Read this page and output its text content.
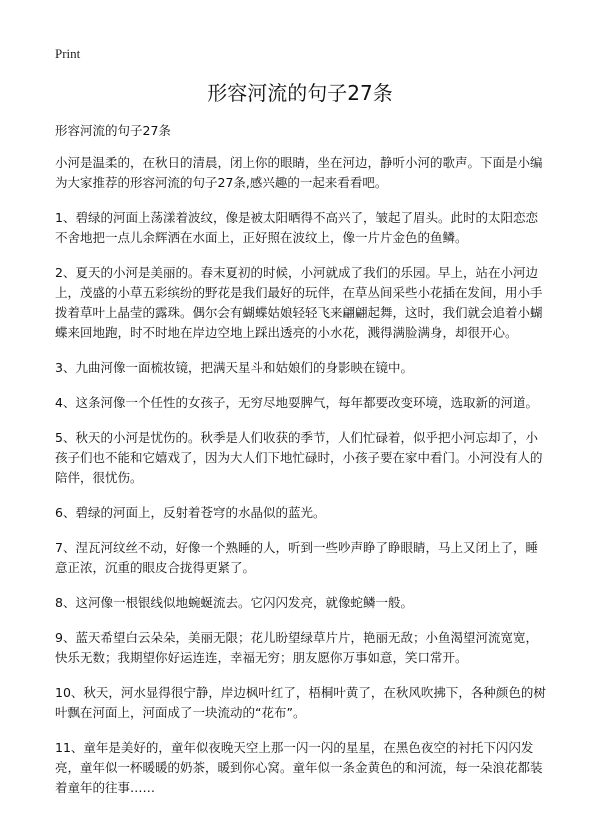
Print
形容河流的句子27条

形容河流的句子27条

小河是温柔的，在秋日的清晨，闭上你的眼睛，坐在河边，静听小河的歌声。下面是小编为大家推荐的形容河流的句子27条,感兴趣的一起来看看吧。

1、碧绿的河面上荡漾着波纹，像是被太阳晒得不高兴了，皱起了眉头。此时的太阳恋恋不舍地把一点儿余辉洒在水面上，正好照在波纹上，像一片片金色的鱼鳞。

2、夏天的小河是美丽的。春末夏初的时候，小河就成了我们的乐园。早上，站在小河边上，茂盛的小草五彩缤纷的野花是我们最好的玩伴，在草丛间采些小花插在发间，用小手拨着草叶上晶莹的露珠。偶尔会有蝴蝶姑娘轻轻飞来翩翩起舞，这时，我们就会追着小蝴蝶来回地跑，时不时地在岸边空地上踩出透亮的小水花，溅得满脸满身，却很开心。

3、九曲河像一面梳妆镜，把满天星斗和姑娘们的身影映在镜中。

4、这条河像一个任性的女孩子，无穷尽地耍脾气，每年都要改变环境，选取新的河道。

5、秋天的小河是忧伤的。秋季是人们收获的季节，人们忙碌着，似乎把小河忘却了，小孩子们也不能和它嬉戏了，因为大人们下地忙碌时，小孩子要在家中看门。小河没有人的陪伴，很忧伤。

6、碧绿的河面上，反射着苍穹的水晶似的蓝光。

7、涅瓦河纹丝不动，好像一个熟睡的人，听到一些吵声睁了睁眼睛，马上又闭上了，睡意正浓，沉重的眼皮合拢得更紧了。

8、这河像一根银线似地蜿蜒流去。它闪闪发亮，就像蛇鳞一般。

9、蓝天希望白云朵朵，美丽无限；花儿盼望绿草片片，艳丽无敌；小鱼渴望河流宽宽，快乐无数；我期望你好运连连，幸福无穷；朋友愿你万事如意，笑口常开。

10、秋天，河水显得很宁静，岸边枫叶红了，梧桐叶黄了，在秋风吹拂下，各种颜色的树叶飘在河面上，河面成了一块流动的“花布”。

11、童年是美好的，童年似夜晚天空上那一闪一闪的星星，在黑色夜空的衬托下闪闪发亮，童年似一杯暖暖的奶茶，暖到你心窝。童年似一条金黄色的和河流，每一朵浪花都装着童年的往事……
